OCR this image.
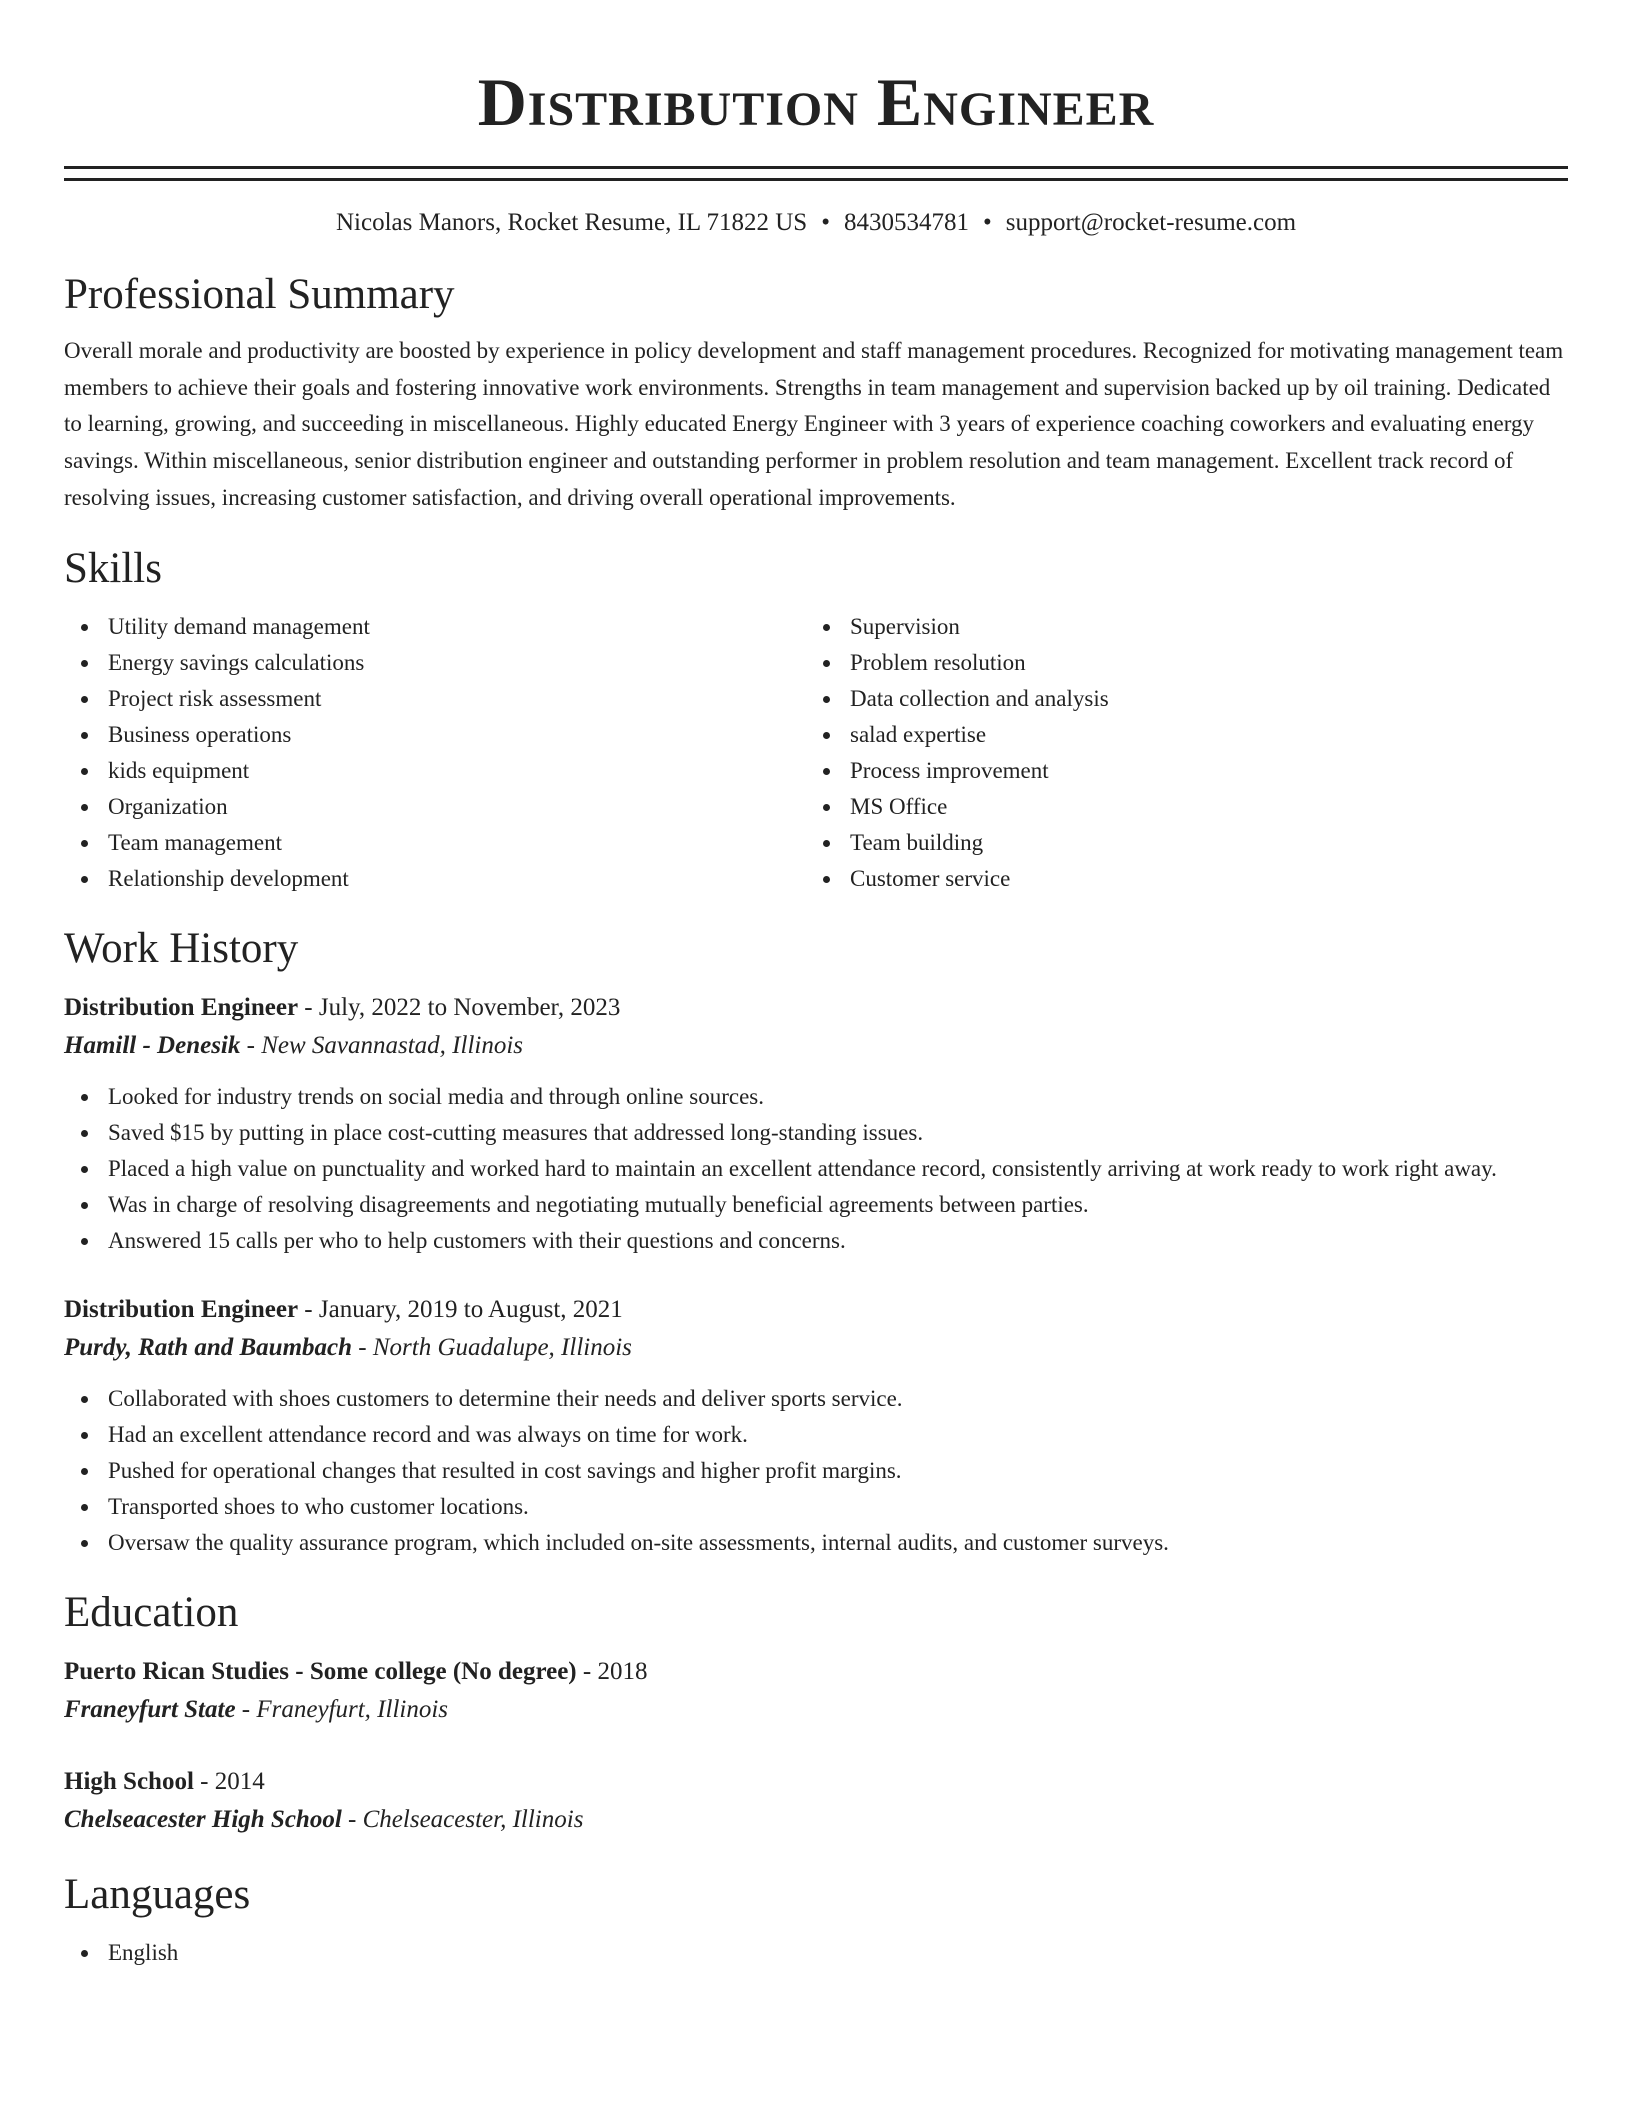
Distribution Engineer
Nicolas Manors, Rocket Resume, IL 71822 US • 8430534781 • support@rocket-resume.com
Professional Summary
Overall morale and productivity are boosted by experience in policy development and staff management procedures. Recognized for motivating management team members to achieve their goals and fostering innovative work environments. Strengths in team management and supervision backed up by oil training. Dedicated to learning, growing, and succeeding in miscellaneous. Highly educated Energy Engineer with 3 years of experience coaching coworkers and evaluating energy savings. Within miscellaneous, senior distribution engineer and outstanding performer in problem resolution and team management. Excellent track record of resolving issues, increasing customer satisfaction, and driving overall operational improvements.
Skills
Utility demand management
Energy savings calculations
Project risk assessment
Business operations
kids equipment
Organization
Team management
Relationship development
Supervision
Problem resolution
Data collection and analysis
salad expertise
Process improvement
MS Office
Team building
Customer service
Work History
Distribution Engineer - July, 2022 to November, 2023
Hamill - Denesik - New Savannastad, Illinois
Looked for industry trends on social media and through online sources.
Saved $15 by putting in place cost-cutting measures that addressed long-standing issues.
Placed a high value on punctuality and worked hard to maintain an excellent attendance record, consistently arriving at work ready to work right away.
Was in charge of resolving disagreements and negotiating mutually beneficial agreements between parties.
Answered 15 calls per who to help customers with their questions and concerns.
Distribution Engineer - January, 2019 to August, 2021
Purdy, Rath and Baumbach - North Guadalupe, Illinois
Collaborated with shoes customers to determine their needs and deliver sports service.
Had an excellent attendance record and was always on time for work.
Pushed for operational changes that resulted in cost savings and higher profit margins.
Transported shoes to who customer locations.
Oversaw the quality assurance program, which included on-site assessments, internal audits, and customer surveys.
Education
Puerto Rican Studies - Some college (No degree) - 2018
Franeyfurt State - Franeyfurt, Illinois
High School - 2014
Chelseacester High School - Chelseacester, Illinois
Languages
English
